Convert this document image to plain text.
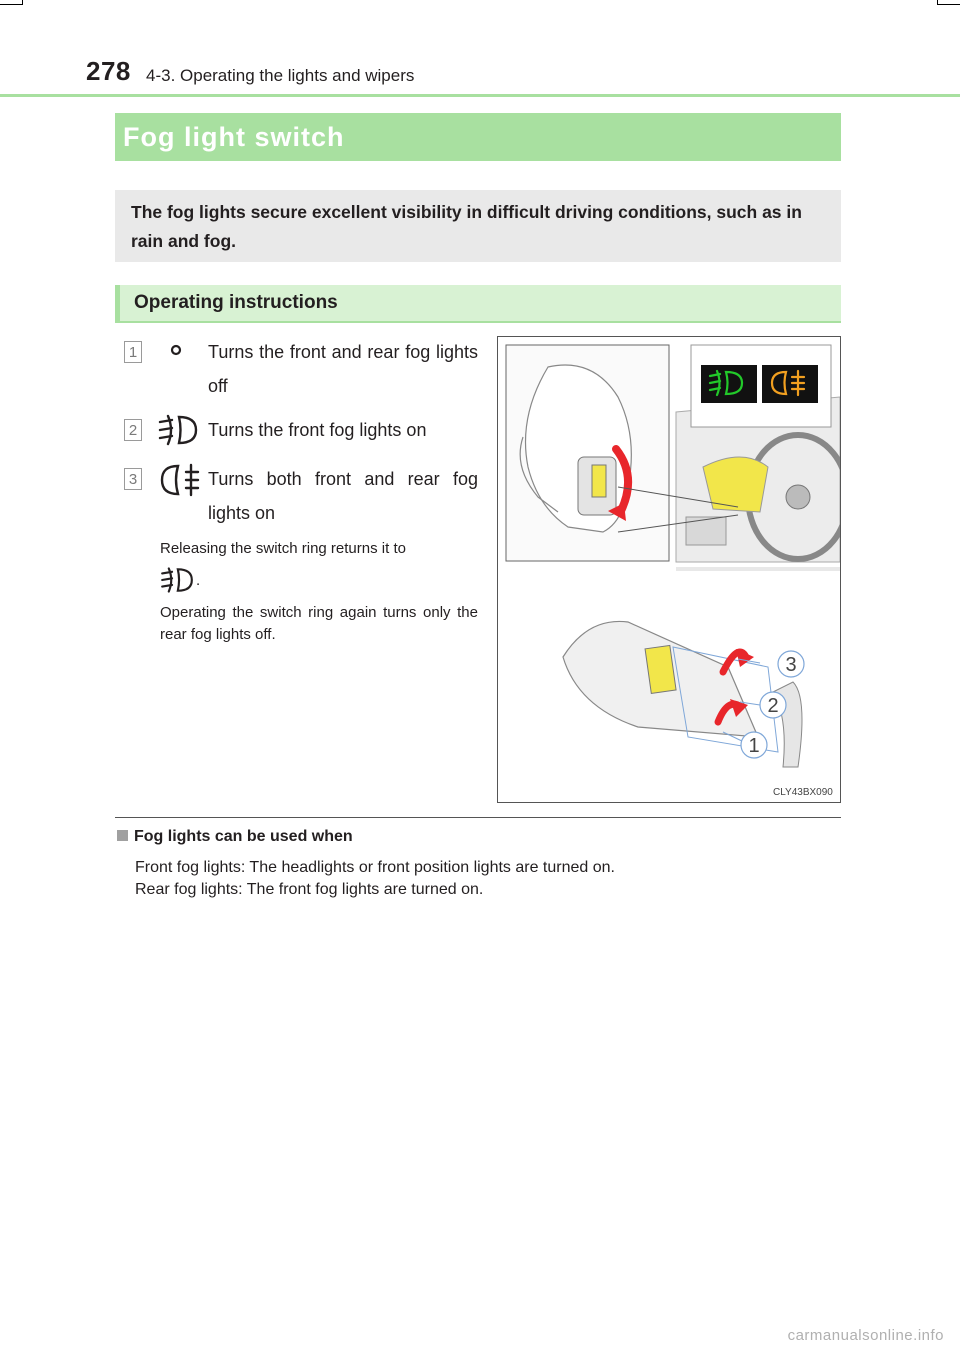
278 4-3. Operating the lights and wipers
Fog light switch
The fog lights secure excellent visibility in difficult driving conditions, such as in rain and fog.
Operating instructions
1	Turns the front and rear fog lights off
2	Turns the front fog lights on
3	Turns both front and rear fog lights on
Releasing the switch ring returns it to
.
Operating the switch ring again turns only the rear fog lights off.
3
2
1
CLY43BX090
Fog lights can be used when
Front fog lights: The headlights or front position lights are turned on.
Rear fog lights: The front fog lights are turned on.
carmanualsonline.info
